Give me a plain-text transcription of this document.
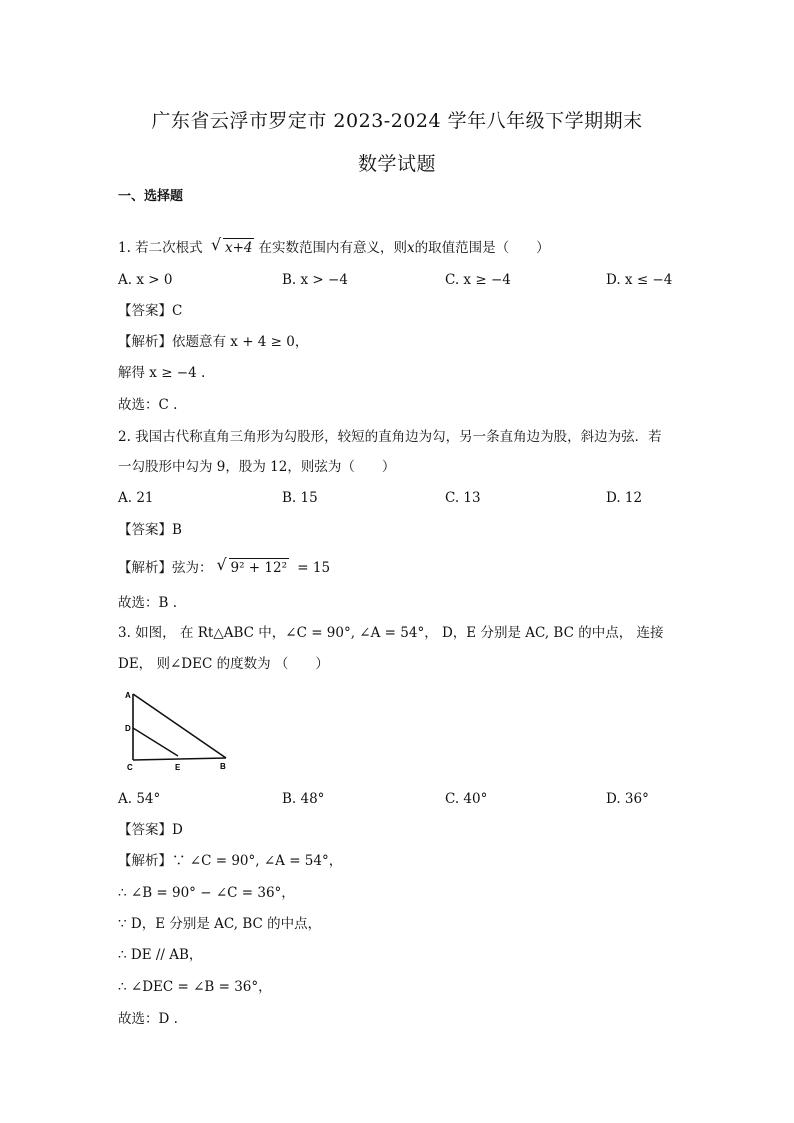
广东省云浮市罗定市 2023-2024 学年八年级下学期期末
数学试题
一、选择题
1. 若二次根式 √ x+4 在实数范围内有意义，则x的取值范围是（　　）
A. x > 0	B. x > −4	C. x ≥ −4	D. x ≤ −4
【答案】C
【解析】依题意有 x + 4 ≥ 0，
解得 x ≥ −4 .
故选：C .
2. 我国古代称直角三角形为勾股形，较短的直角边为勾，另一条直角边为股，斜边为弦．若
一勾股形中勾为 9，股为 12，则弦为（　　）
A. 21	B. 15	C. 13	D. 12
【答案】B
【解析】弦为： √ 9² + 12² = 15
故选：B .
3. 如图， 在 Rt△ABC 中，∠C = 90°, ∠A = 54°， D，E 分别是 AC, BC 的中点， 连接
DE， 则∠DEC 的度数为 （　　）
A
D
C	E	B
A. 54°	B. 48°	C. 40°	D. 36°
【答案】D
【解析】∵ ∠C = 90°, ∠A = 54°，
∴ ∠B = 90° − ∠C = 36°，
∵ D，E 分别是 AC, BC 的中点，
∴ DE // AB，
∴ ∠DEC = ∠B = 36°，
故选：D .
